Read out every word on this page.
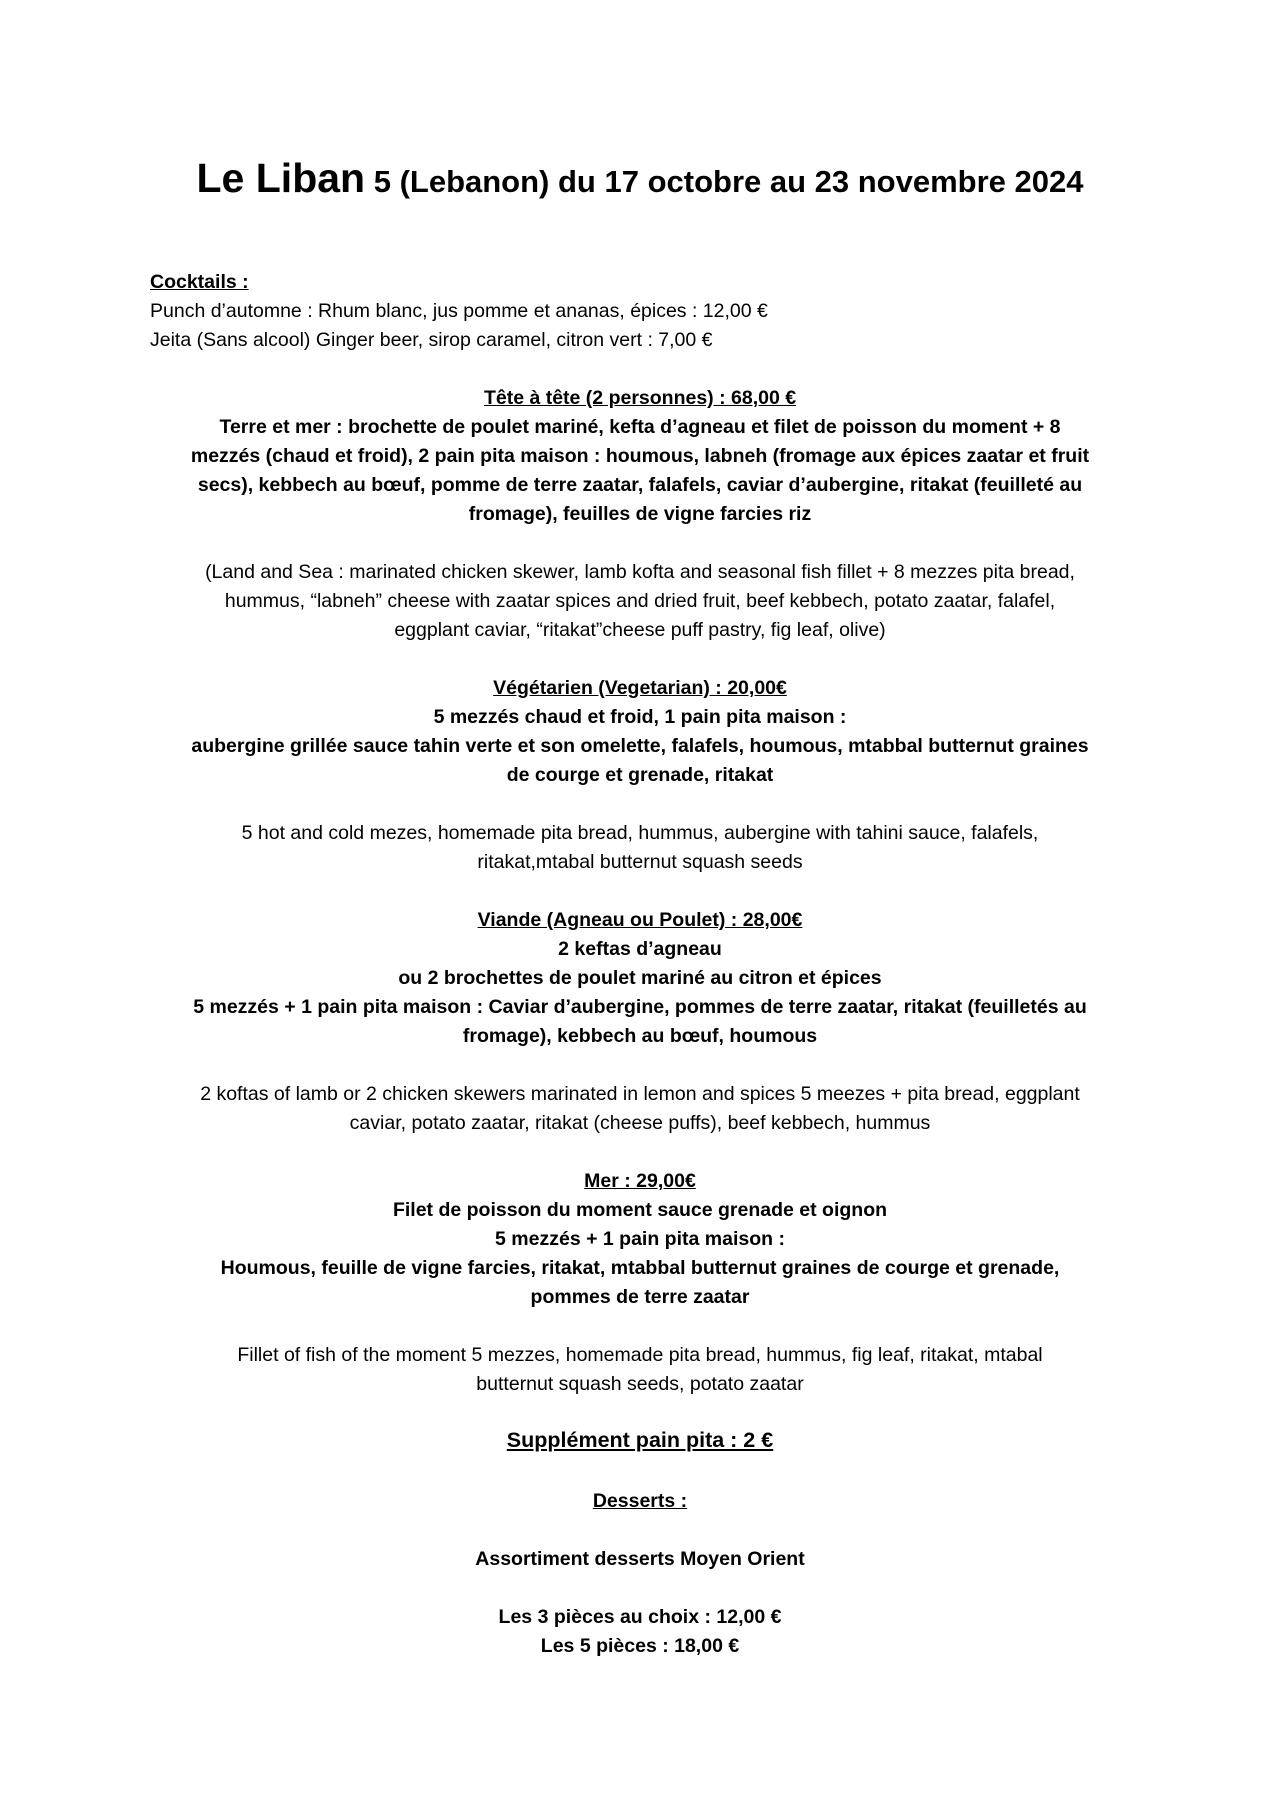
Le Liban 5 (Lebanon) du 17 octobre au 23 novembre 2024
Cocktails :
Punch d’automne : Rhum blanc, jus pomme et ananas, épices : 12,00 €
Jeita (Sans alcool) Ginger beer, sirop caramel, citron vert : 7,00 €
Tête à tête (2 personnes) : 68,00 €
Terre et mer : brochette de poulet mariné, kefta d’agneau et filet de poisson du moment + 8
mezzés (chaud et froid), 2 pain pita maison : houmous, labneh (fromage aux épices zaatar et fruit
secs), kebbech au bœuf, pomme de terre zaatar, falafels, caviar d’aubergine, ritakat (feuilleté au
fromage), feuilles de vigne farcies riz
(Land and Sea : marinated chicken skewer, lamb kofta and seasonal fish fillet + 8 mezzes pita bread,
hummus, “labneh” cheese with zaatar spices and dried fruit, beef kebbech, potato zaatar, falafel,
eggplant caviar, “ritakat”cheese puff pastry, fig leaf, olive)
Végétarien (Vegetarian) : 20,00€
5 mezzés chaud et froid, 1 pain pita maison :
aubergine grillée sauce tahin verte et son omelette, falafels, houmous, mtabbal butternut graines
de courge et grenade, ritakat
5 hot and cold mezes, homemade pita bread, hummus, aubergine with tahini sauce, falafels,
ritakat,mtabal butternut squash seeds
Viande (Agneau ou Poulet) : 28,00€
2 keftas d’agneau
ou 2 brochettes de poulet mariné au citron et épices
5 mezzés + 1 pain pita maison : Caviar d’aubergine, pommes de terre zaatar, ritakat (feuilletés au
fromage), kebbech au bœuf, houmous
2 koftas of lamb or 2 chicken skewers marinated in lemon and spices 5 meezes + pita bread, eggplant
caviar, potato zaatar, ritakat (cheese puffs), beef kebbech, hummus
Mer : 29,00€
Filet de poisson du moment sauce grenade et oignon
5 mezzés + 1 pain pita maison :
Houmous, feuille de vigne farcies, ritakat, mtabbal butternut graines de courge et grenade,
pommes de terre zaatar
Fillet of fish of the moment 5 mezzes, homemade pita bread, hummus, fig leaf, ritakat, mtabal
butternut squash seeds, potato zaatar
Supplément pain pita : 2 €
Desserts :
Assortiment desserts Moyen Orient
Les 3 pièces au choix : 12,00 €
Les 5 pièces : 18,00 €
